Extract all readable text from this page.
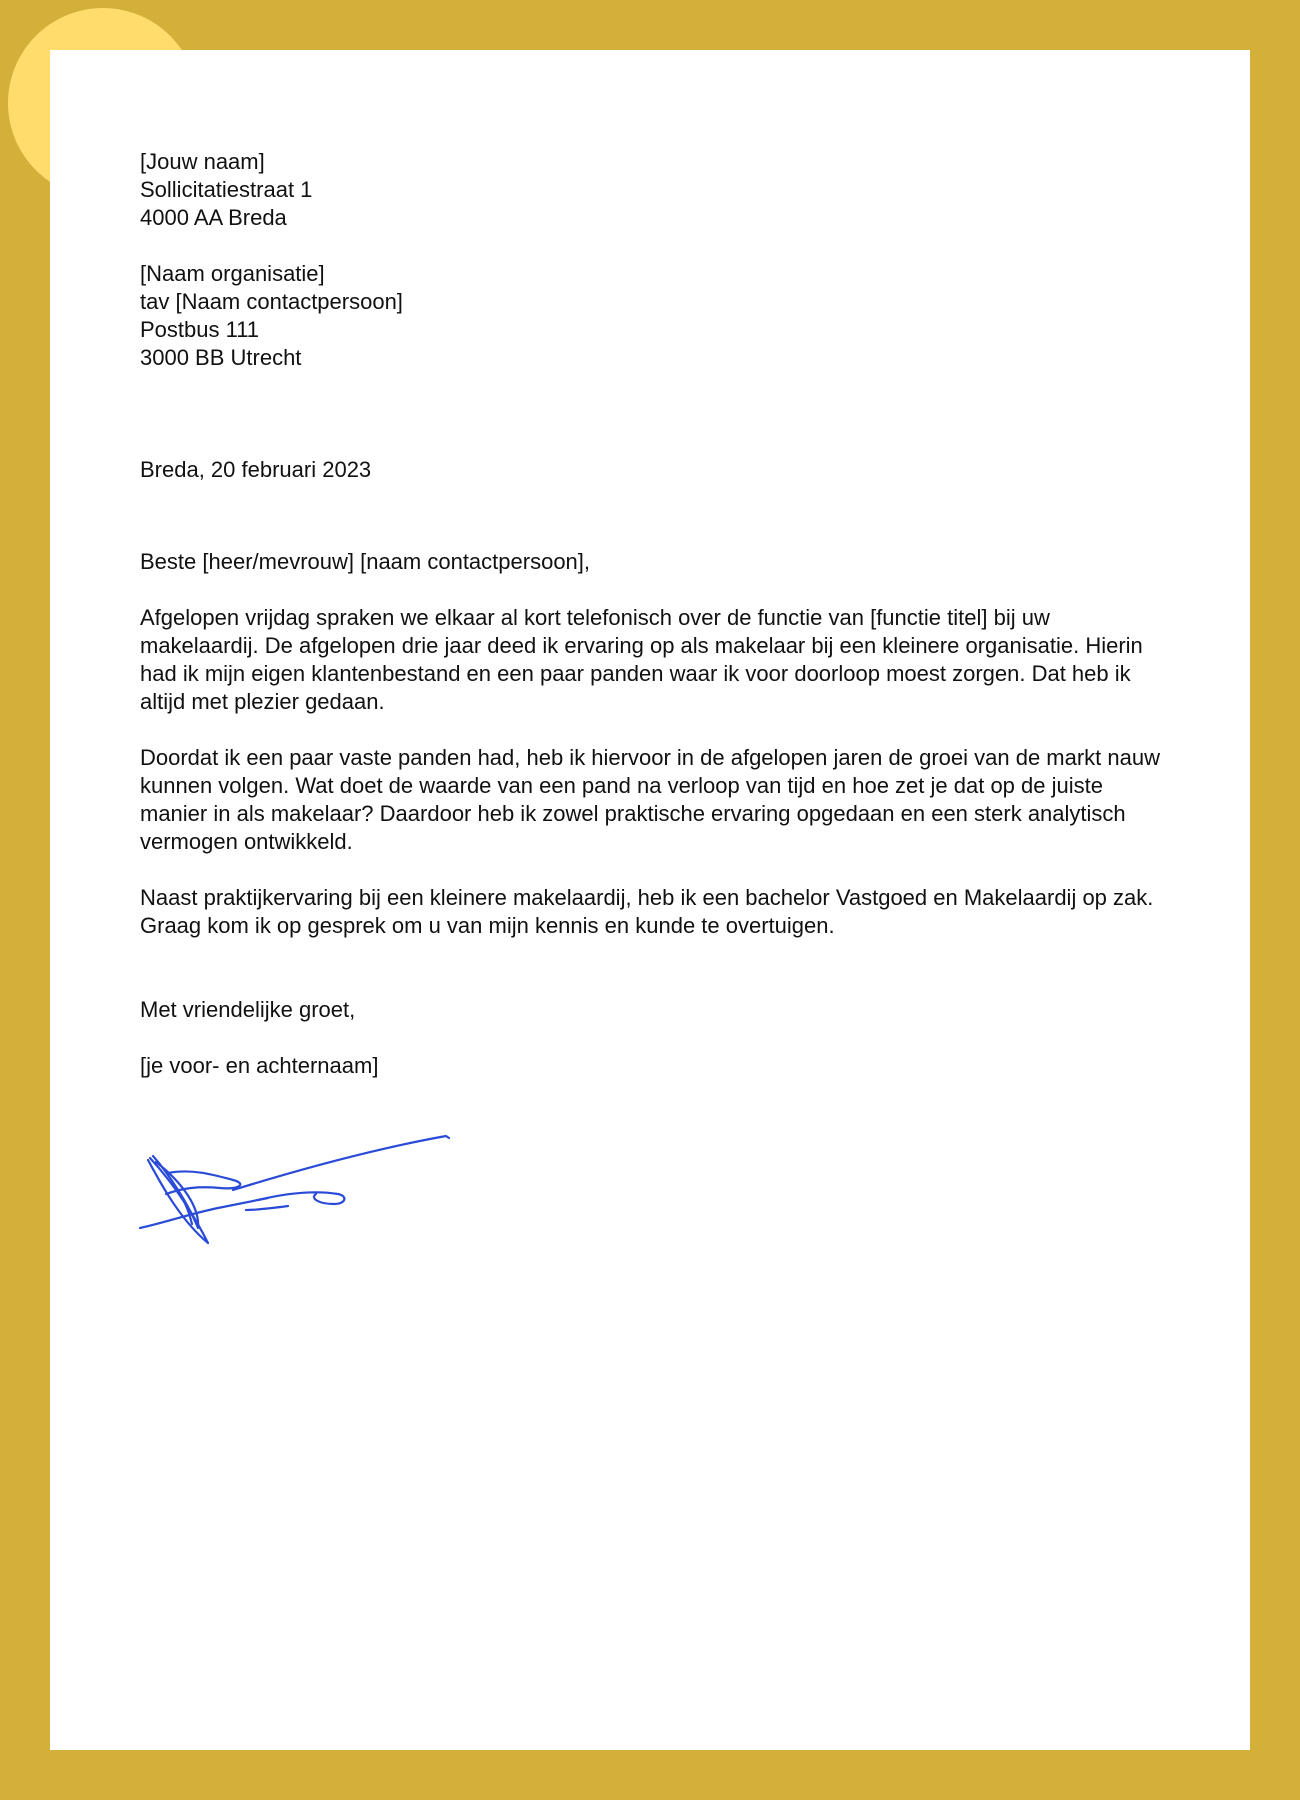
[Jouw naam]
Sollicitatiestraat 1
4000 AA Breda
[Naam organisatie]
tav [Naam contactpersoon]
Postbus 111
3000 BB Utrecht

Breda, 20 februari 2023

Beste [heer/mevrouw] [naam contactpersoon],

Afgelopen vrijdag spraken we elkaar al kort telefonisch over de functie van [functie titel] bij uw makelaardij. De afgelopen drie jaar deed ik ervaring op als makelaar bij een kleinere organisatie. Hierin had ik mijn eigen klantenbestand en een paar panden waar ik voor doorloop moest zorgen. Dat heb ik altijd met plezier gedaan.

Doordat ik een paar vaste panden had, heb ik hiervoor in de afgelopen jaren de groei van de markt nauw kunnen volgen. Wat doet de waarde van een pand na verloop van tijd en hoe zet je dat op de juiste manier in als makelaar? Daardoor heb ik zowel praktische ervaring opgedaan en een sterk analytisch vermogen ontwikkeld.

Naast praktijkervaring bij een kleinere makelaardij, heb ik een bachelor Vastgoed en Makelaardij op zak. Graag kom ik op gesprek om u van mijn kennis en kunde te overtuigen.

Met vriendelijke groet,

[je voor- en achternaam]
